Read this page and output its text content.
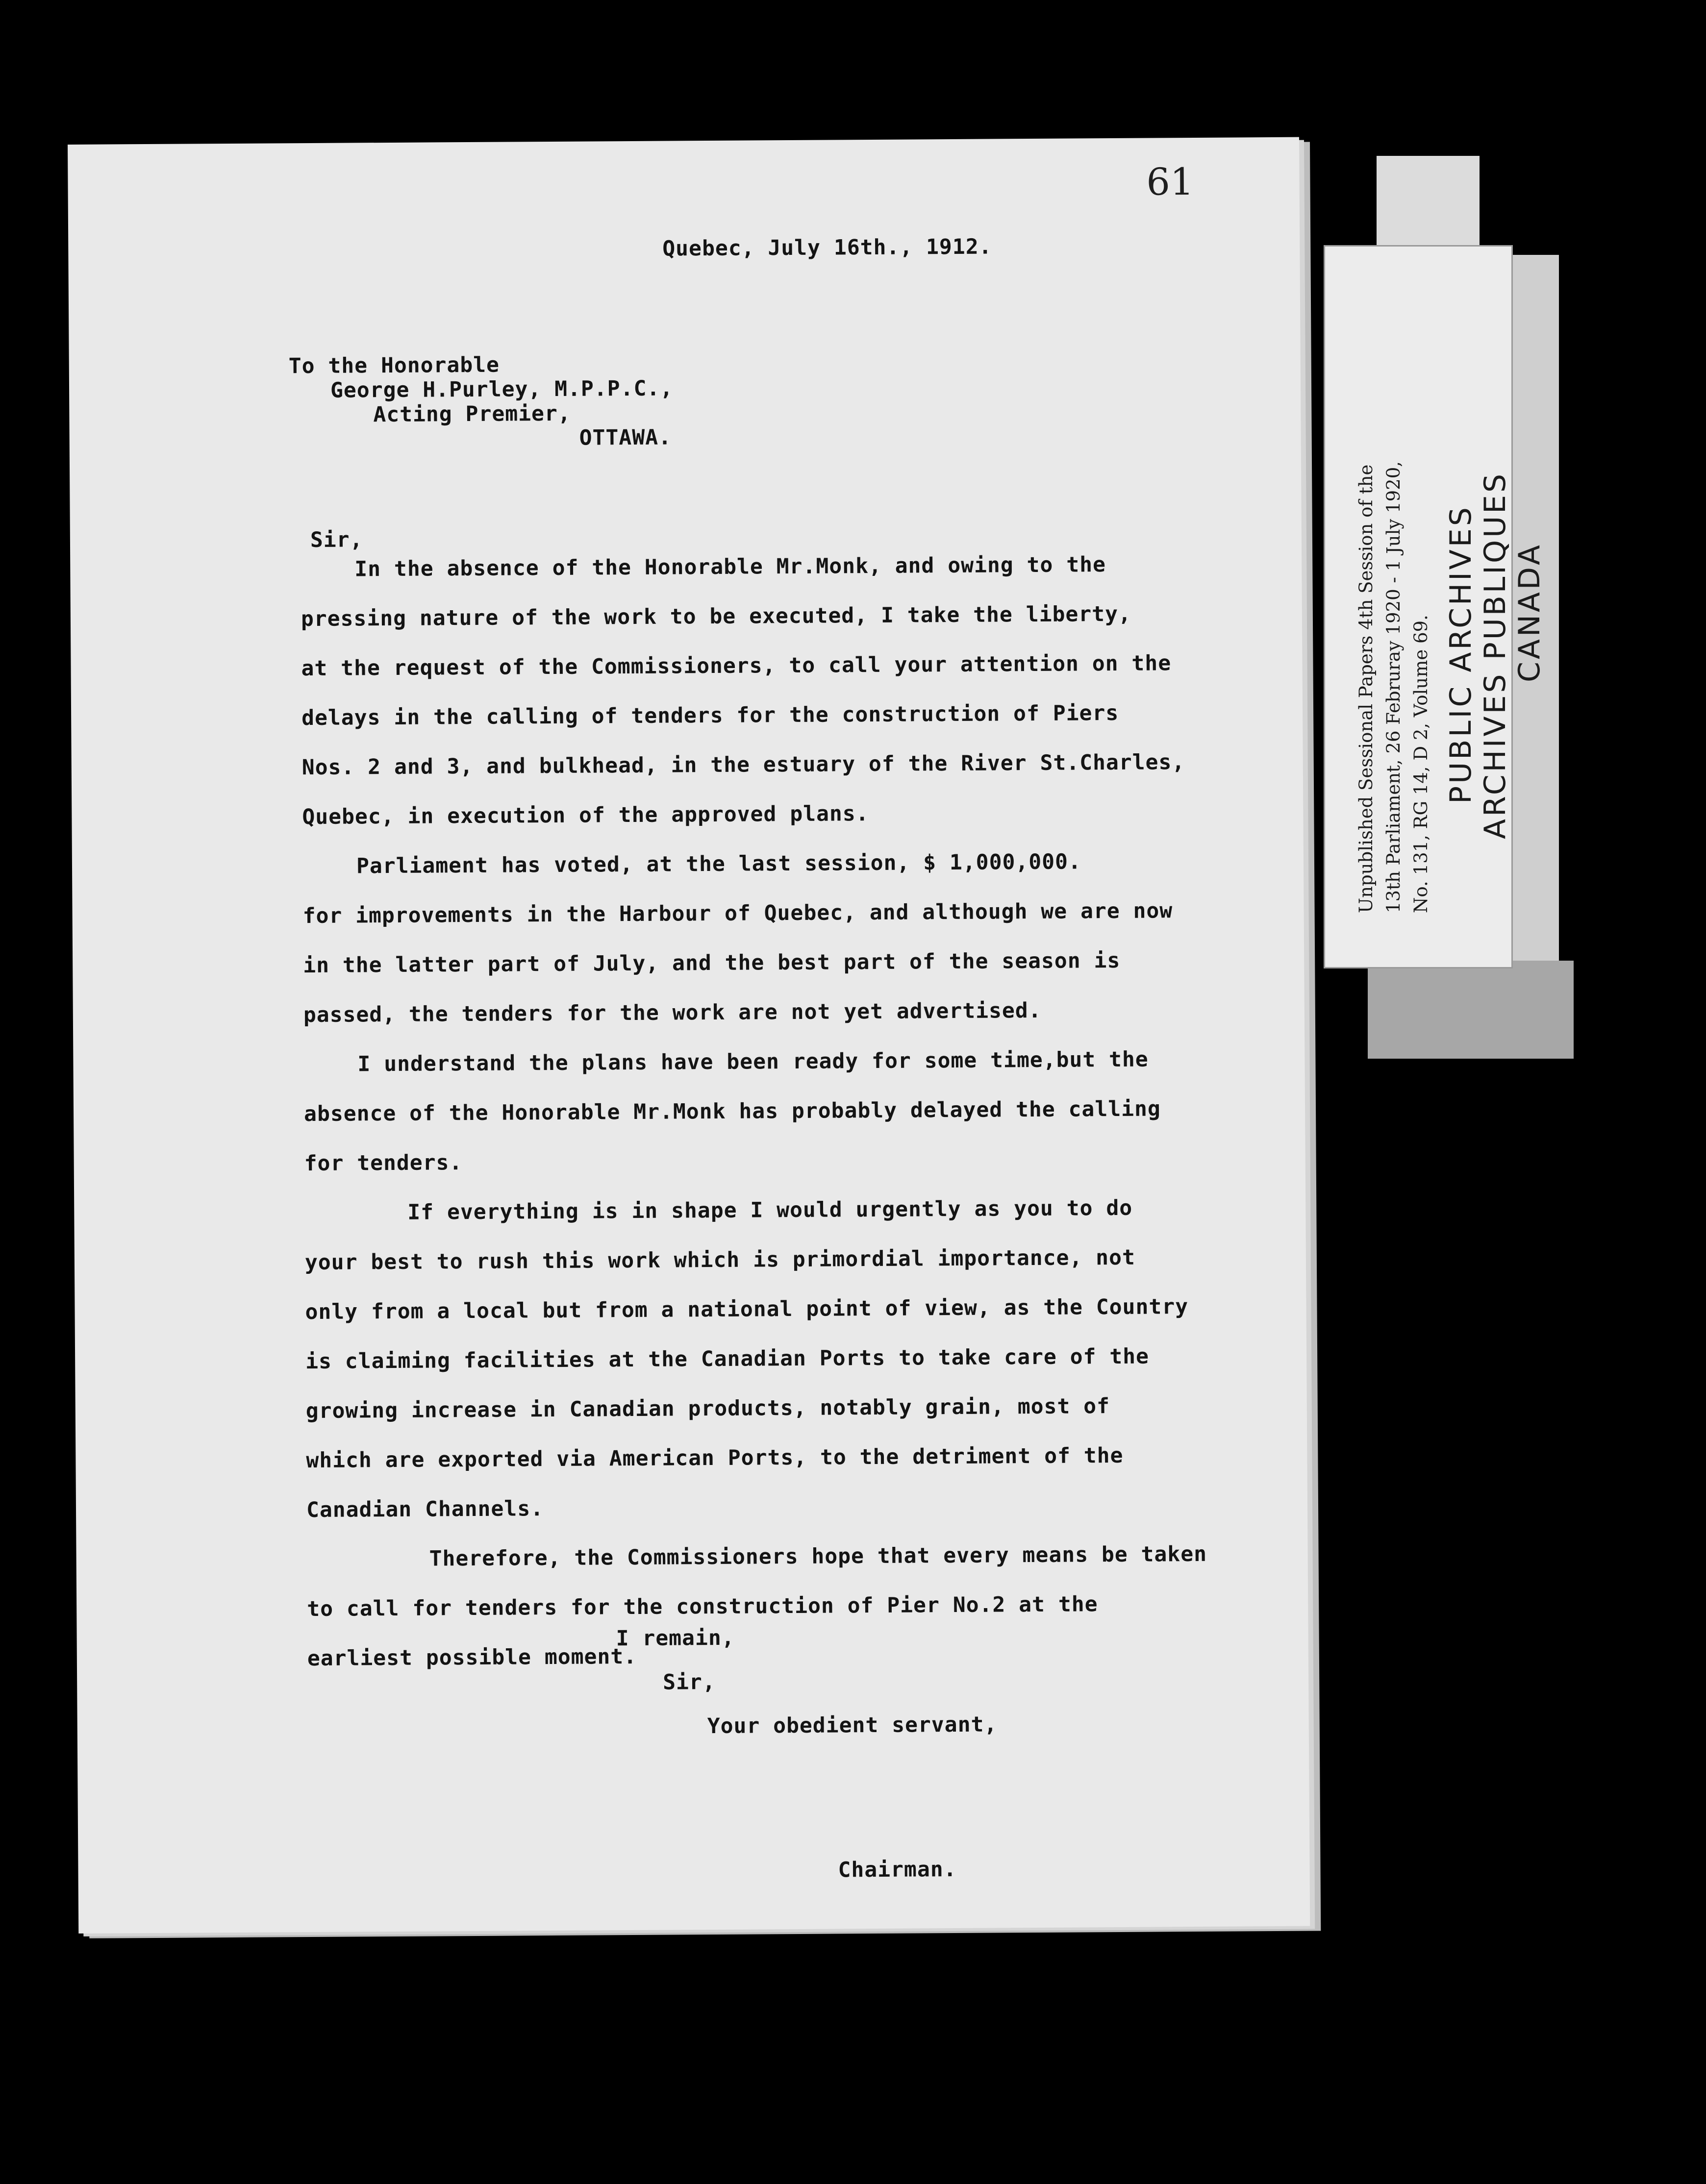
61
Quebec, July 16th., 1912.
To the Honorable
George H.Purley, M.P.P.C.,
Acting Premier,
OTTAWA.
Sir,
In the absence of the Honorable Mr.Monk, and owing to the
pressing nature of the work to be executed, I take the liberty,
at the request of the Commissioners, to call your attention on the
delays in the calling of tenders for the construction of Piers
Nos. 2 and 3, and bulkhead, in the estuary of the River St.Charles,
Quebec, in execution of the approved plans.
Parliament has voted, at the last session, $ 1,000,000.
for improvements in the Harbour of Quebec, and although we are now
in the latter part of July, and the best part of the season is
passed, the tenders for the work are not yet advertised.
I understand the plans have been ready for some time,but the
absence of the Honorable Mr.Monk has probably delayed the calling
for tenders.
If everything is in shape I would urgently as you to do
your best to rush this work which is primordial importance, not
only from a local but from a national point of view, as the Country
is claiming facilities at the Canadian Ports to take care of the
growing increase in Canadian products, notably grain, most of
which are exported via American Ports, to the detriment of the
Canadian Channels.
Therefore, the Commissioners hope that every means be taken
to call for tenders for the construction of Pier No.2 at the
earliest possible moment.
I remain,
Sir,
Your obedient servant,
Chairman.
Unpublished Sessional Papers 4th Session of the 13th Parliament, 26 Februray 1920 - 1 July 1920, No. 131, RG 14, D 2, Volume 69. PUBLIC ARCHIVES ARCHIVES PUBLIQUES CANADA
